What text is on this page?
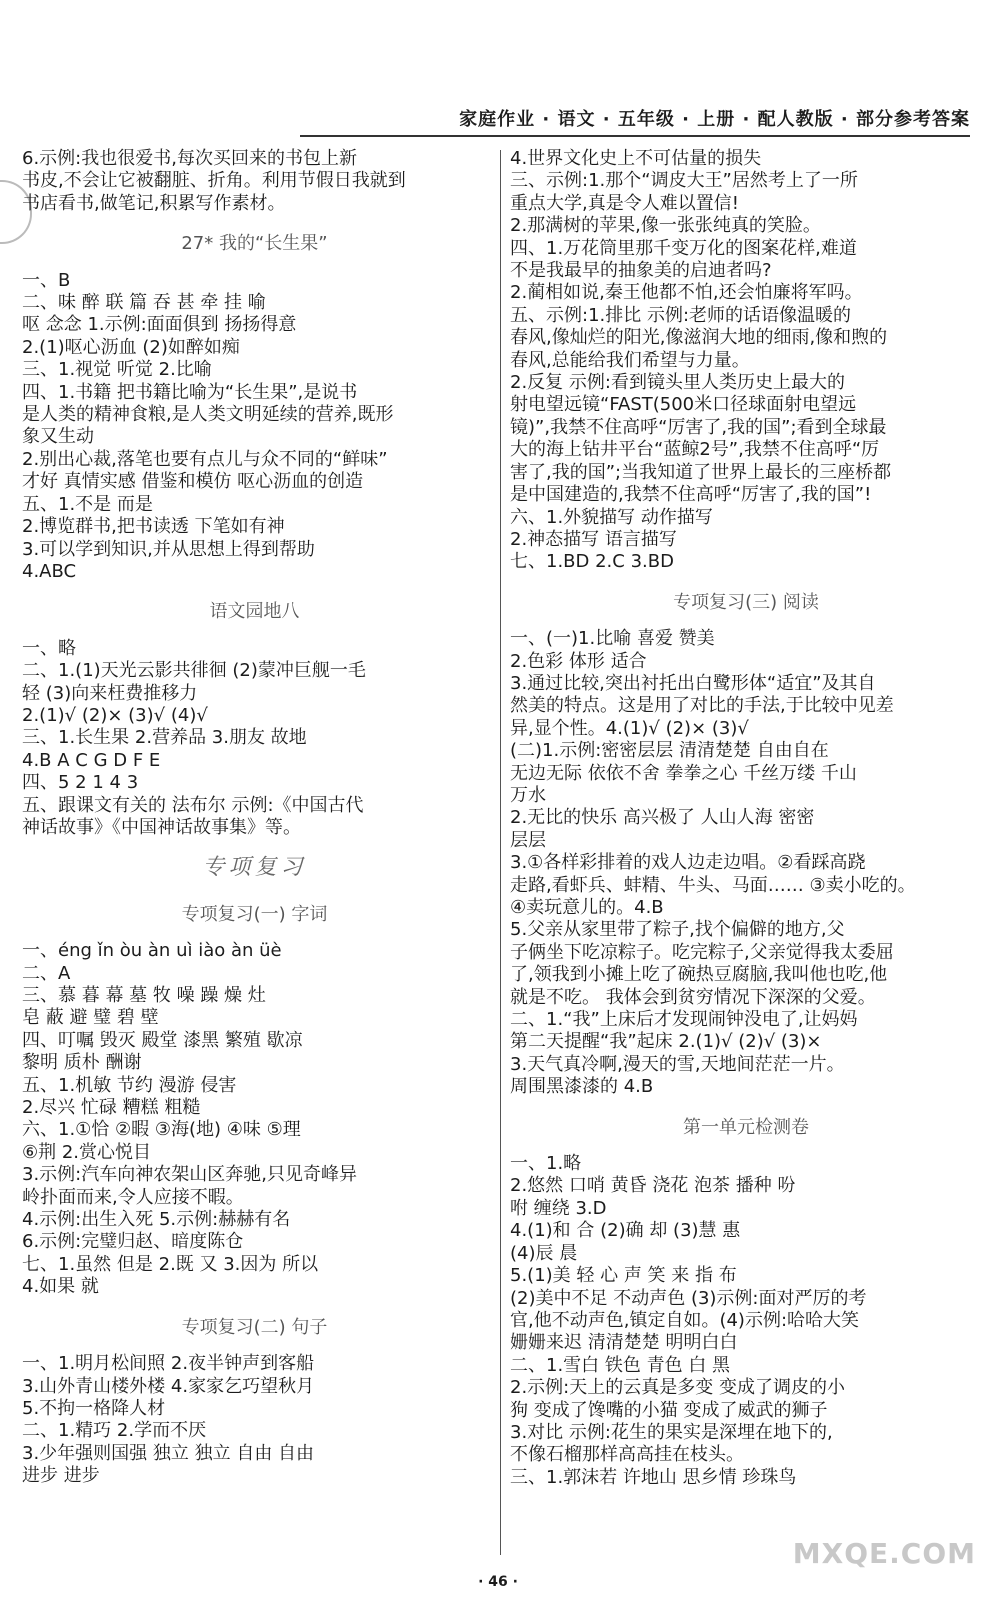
家庭作业 · 语文 · 五年级 · 上册 · 配人教版 · 部分参考答案
6.示例:我也很爱书,每次买回来的书包上新
书皮,不会让它被翻脏、折角。利用节假日我就到
书店看书,做笔记,积累写作素材。
27* 我的“长生果”
一、B
二、味 醉 联 篇 吞 甚 牵 挂 喻
呕 念念 1.示例:面面俱到 扬扬得意
2.(1)呕心沥血 (2)如醉如痴
三、1.视觉 听觉 2.比喻
四、1.书籍 把书籍比喻为“长生果”,是说书
是人类的精神食粮,是人类文明延续的营养,既形
象又生动
2.别出心裁,落笔也要有点儿与众不同的“鲜味”
才好 真情实感 借鉴和模仿 呕心沥血的创造
五、1.不是 而是
2.博览群书,把书读透 下笔如有神
3.可以学到知识,并从思想上得到帮助
4.ABC
语文园地八
一、略
二、1.(1)天光云影共徘徊 (2)蒙冲巨舰一毛
轻 (3)向来枉费推移力
2.(1)√ (2)× (3)√ (4)√
三、1.长生果 2.营养品 3.朋友 故地
4.B A C G D F E
四、5 2 1 4 3
五、跟课文有关的 法布尔 示例:《中国古代
神话故事》《中国神话故事集》等。
专项复习
专项复习(一) 字词
一、éng ǐn òu àn uì iào àn üè
二、A
三、慕 暮 幕 墓 牧 噪 躁 燥 灶
皂 蔽 避 璧 碧 壁
四、叮嘱 毁灭 殿堂 漆黑 繁殖 歇凉
黎明 质朴 酬谢
五、1.机敏 节约 漫游 侵害
2.尽兴 忙碌 糟糕 粗糙
六、1.①恰 ②暇 ③海(地) ④味 ⑤理
⑥荆 2.赏心悦目
3.示例:汽车向神农架山区奔驰,只见奇峰异
岭扑面而来,令人应接不暇。
4.示例:出生入死 5.示例:赫赫有名
6.示例:完璧归赵、暗度陈仓
七、1.虽然 但是 2.既 又 3.因为 所以
4.如果 就
专项复习(二) 句子
一、1.明月松间照 2.夜半钟声到客船
3.山外青山楼外楼 4.家家乞巧望秋月
5.不拘一格降人材
二、1.精巧 2.学而不厌
3.少年强则国强 独立 独立 自由 自由
进步 进步
4.世界文化史上不可估量的损失
三、示例:1.那个“调皮大王”居然考上了一所
重点大学,真是令人难以置信!
2.那满树的苹果,像一张张纯真的笑脸。
四、1.万花筒里那千变万化的图案花样,难道
不是我最早的抽象美的启迪者吗?
2.蔺相如说,秦王他都不怕,还会怕廉将军吗。
五、示例:1.排比 示例:老师的话语像温暖的
春风,像灿烂的阳光,像滋润大地的细雨,像和煦的
春风,总能给我们希望与力量。
2.反复 示例:看到镜头里人类历史上最大的
射电望远镜“FAST(500米口径球面射电望远
镜)”,我禁不住高呼“厉害了,我的国”;看到全球最
大的海上钻井平台“蓝鲸2号”,我禁不住高呼“厉
害了,我的国”;当我知道了世界上最长的三座桥都
是中国建造的,我禁不住高呼“厉害了,我的国”!
六、1.外貌描写 动作描写
2.神态描写 语言描写
七、1.BD 2.C 3.BD
专项复习(三) 阅读
一、(一)1.比喻 喜爱 赞美
2.色彩 体形 适合
3.通过比较,突出衬托出白鹭形体“适宜”及其自
然美的特点。这是用了对比的手法,于比较中见差
异,显个性。4.(1)√ (2)× (3)√
(二)1.示例:密密层层 清清楚楚 自由自在
无边无际 依依不舍 拳拳之心 千丝万缕 千山
万水
2.无比的快乐 高兴极了 人山人海 密密
层层
3.①各样彩排着的戏人边走边唱。②看踩高跷
走路,看虾兵、蚌精、牛头、马面…… ③卖小吃的。
④卖玩意儿的。4.B
5.父亲从家里带了粽子,找个偏僻的地方,父
子俩坐下吃凉粽子。吃完粽子,父亲觉得我太委屈
了,领我到小摊上吃了碗热豆腐脑,我叫他也吃,他
就是不吃。 我体会到贫穷情况下深深的父爱。
二、1.“我”上床后才发现闹钟没电了,让妈妈
第二天提醒“我”起床 2.(1)√ (2)√ (3)×
3.天气真冷啊,漫天的雪,天地间茫茫一片。
周围黑漆漆的 4.B
第一单元检测卷
一、1.略
2.悠然 口哨 黄昏 浇花 泡茶 播种 吩
咐 缠绕 3.D
4.(1)和 合 (2)确 却 (3)慧 惠
(4)辰 晨
5.(1)美 轻 心 声 笑 来 指 布
(2)美中不足 不动声色 (3)示例:面对严厉的考
官,他不动声色,镇定自如。(4)示例:哈哈大笑
姗姗来迟 清清楚楚 明明白白
二、1.雪白 铁色 青色 白 黑
2.示例:天上的云真是多变 变成了调皮的小
狗 变成了馋嘴的小猫 变成了威武的狮子
3.对比 示例:花生的果实是深埋在地下的,
不像石榴那样高高挂在枝头。
三、1.郭沫若 许地山 思乡情 珍珠鸟
· 46 ·
MXQE.COM
